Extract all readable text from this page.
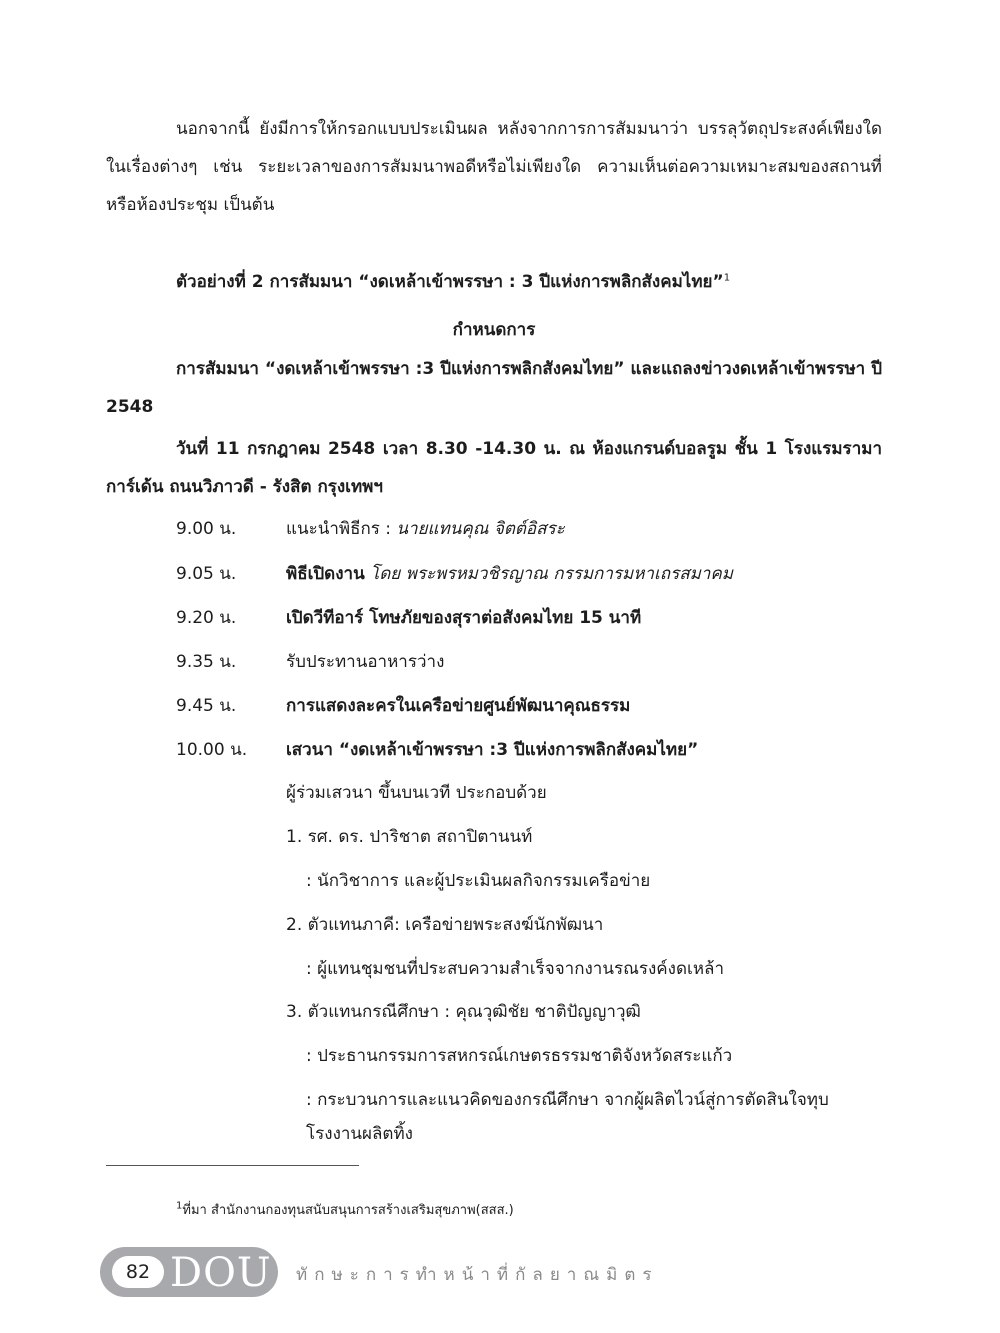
นอกจากนี้ ยังมีการให้กรอกแบบประเมินผล หลังจากการการสัมมนาว่า บรรลุวัตถุประสงค์เพียงใด ในเรื่องต่างๆ เช่น ระยะเวลาของการสัมมนาพอดีหรือไม่เพียงใด ความเห็นต่อความเหมาะสมของสถานที่ หรือห้องประชุม เป็นต้น

ตัวอย่างที่ 2 การสัมมนา “งดเหล้าเข้าพรรษา : 3 ปีแห่งการพลิกสังคมไทย”$^1$
กำหนดการ

การสัมมนา “งดเหล้าเข้าพรรษา :3 ปีแห่งการพลิกสังคมไทย” และแถลงข่าวงดเหล้าเข้าพรรษา ปี 2548

วันที่ 11 กรกฎาคม 2548 เวลา 8.30 -14.30 น. ณ ห้องแกรนด์บอลรูม ชั้น 1 โรงแรมรามาการ์เด้น ถนนวิภาวดี - รังสิต กรุงเทพฯ

9.00 น.	แนะนำพิธีกร : นายแทนคุณ จิตต์อิสระ
9.05 น.	พิธีเปิดงาน โดย พระพรหมวชิรญาณ กรรมการมหาเถรสมาคม
9.20 น.	เปิดวีทีอาร์ โทษภัยของสุราต่อสังคมไทย 15 นาที
9.35 น.	รับประทานอาหารว่าง
9.45 น.	การแสดงละครในเครือข่ายศูนย์พัฒนาคุณธรรม
10.00 น.	เสวนา “งดเหล้าเข้าพรรษา :3 ปีแห่งการพลิกสังคมไทย”
ผู้ร่วมเสวนา ขึ้นบนเวที ประกอบด้วย
1. รศ. ดร. ปาริชาต สถาปิตานนท์
: นักวิชาการ และผู้ประเมินผลกิจกรรมเครือข่าย
2. ตัวแทนภาคี: เครือข่ายพระสงฆ์นักพัฒนา
: ผู้แทนชุมชนที่ประสบความสำเร็จจากงานรณรงค์งดเหล้า
3. ตัวแทนกรณีศึกษา : คุณวุฒิชัย ชาติปัญญาวุฒิ
: ประธานกรรมการสหกรณ์เกษตรธรรมชาติจังหวัดสระแก้ว
: กระบวนการและแนวคิดของกรณีศึกษา จากผู้ผลิตไวน์สู่การตัดสินใจทุบ
โรงงานผลิตทิ้ง
$^1$ที่มา สำนักงานกองทุนสนับสนุนการสร้างเสริมสุขภาพ(สสส.)
82 DOU ทักษะการทำหน้าที่กัลยาณมิตร
